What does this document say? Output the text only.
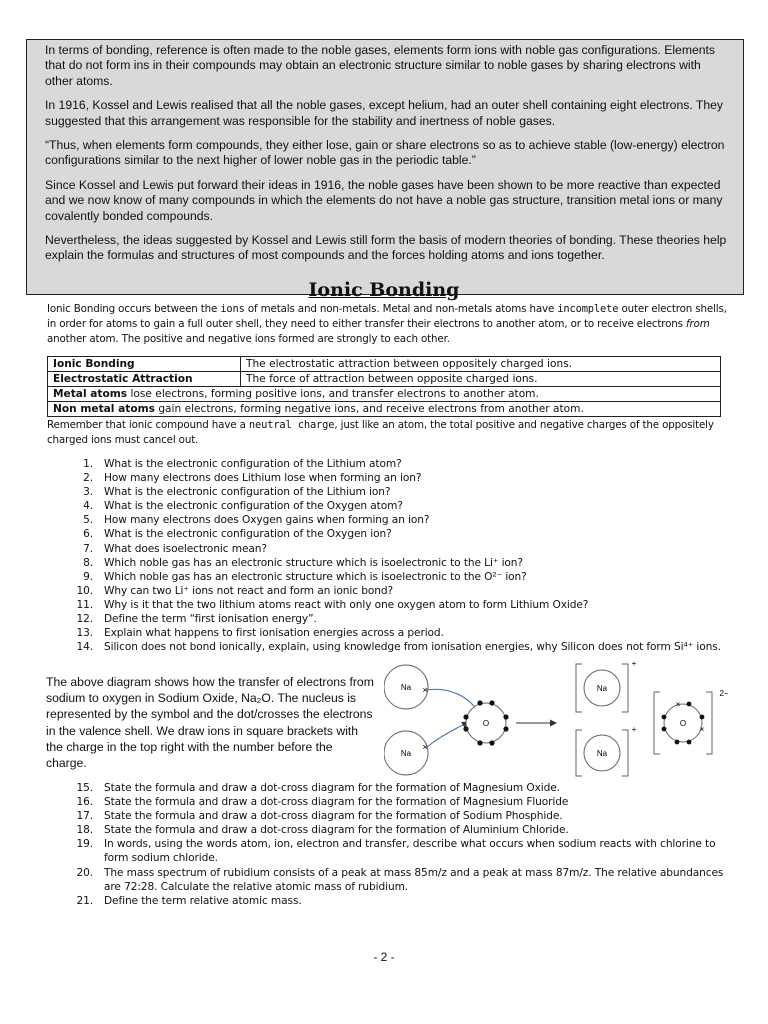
In terms of bonding, reference is often made to the noble gases, elements form ions with noble gas configurations. Elements that do not form ins in their compounds may obtain an electronic structure similar to noble gases by sharing electrons with other atoms.

In 1916, Kossel and Lewis realised that all the noble gases, except helium, had an outer shell containing eight electrons. They suggested that this arrangement was responsible for the stability and inertness of noble gases.

“Thus, when elements form compounds, they either lose, gain or share electrons so as to achieve stable (low-energy) electron configurations similar to the next higher of lower noble gas in the periodic table.”

Since Kossel and Lewis put forward their ideas in 1916, the noble gases have been shown to be more reactive than expected and we now know of many compounds in which the elements do not have a noble gas structure, transition metal ions or many covalently bonded compounds.

Nevertheless, the ideas suggested by Kossel and Lewis still form the basis of modern theories of bonding. These theories help explain the formulas and structures of most compounds and the forces holding atoms and ions together.

Ionic Bonding
Ionic Bonding occurs between the ions of metals and non-metals. Metal and non-metals atoms have incomplete outer electron shells, in order for atoms to gain a full outer shell, they need to either transfer their electrons to another atom, or to receive electrons from another atom. The positive and negative ions formed are strongly to each other.
Ionic Bonding	The electrostatic attraction between oppositely charged ions.
Electrostatic Attraction	The force of attraction between opposite charged ions.
Metal atoms lose electrons, forming positive ions, and transfer electrons to another atom.	
Non metal atoms gain electrons, forming negative ions, and receive electrons from another atom.	
Remember that ionic compound have a neutral charge, just like an atom, the total positive and negative charges of the oppositely charged ions must cancel out.
1.	What is the electronic configuration of the Lithium atom?
2.	How many electrons does Lithium lose when forming an ion?
3.	What is the electronic configuration of the Lithium ion?
4.	What is the electronic configuration of the Oxygen atom?
5.	How many electrons does Oxygen gains when forming an ion?
6.	What is the electronic configuration of the Oxygen ion?
7.	What does isoelectronic mean?
8.	Which noble gas has an electronic structure which is isoelectronic to the Li⁺ ion?
9.	Which noble gas has an electronic structure which is isoelectronic to the O²⁻ ion?
10.	Why can two Li⁺ ions not react and form an ionic bond?
11.	Why is it that the two lithium atoms react with only one oxygen atom to form Lithium Oxide?
12.	Define the term “first ionisation energy”.
13.	Explain what happens to first ionisation energies across a period.
14.	Silicon does not bond ionically, explain, using knowledge from ionisation energies, why Silicon does not form Si⁴⁺ ions.
The above diagram shows how the transfer of electrons from sodium to oxygen in Sodium Oxide, Na₂O. The nucleus is represented by the symbol and the dot/crosses the electrons in the valence shell. We draw ions in square brackets with the charge in the top right with the number before the charge.
Na ×
Na
×
O
Na
+
Na
+
O
×
×
2−
15.	State the formula and draw a dot-cross diagram for the formation of Magnesium Oxide.
16.	State the formula and draw a dot-cross diagram for the formation of Magnesium Fluoride
17.	State the formula and draw a dot-cross diagram for the formation of Sodium Phosphide.
18.	State the formula and draw a dot-cross diagram for the formation of Aluminium Chloride.
19.	In words, using the words atom, ion, electron and transfer, describe what occurs when sodium reacts with chlorine to form sodium chloride.
20.	The mass spectrum of rubidium consists of a peak at mass 85m/z and a peak at mass 87m/z. The relative abundances are 72:28. Calculate the relative atomic mass of rubidium.
21.	Define the term relative atomic mass.
- 2 -
